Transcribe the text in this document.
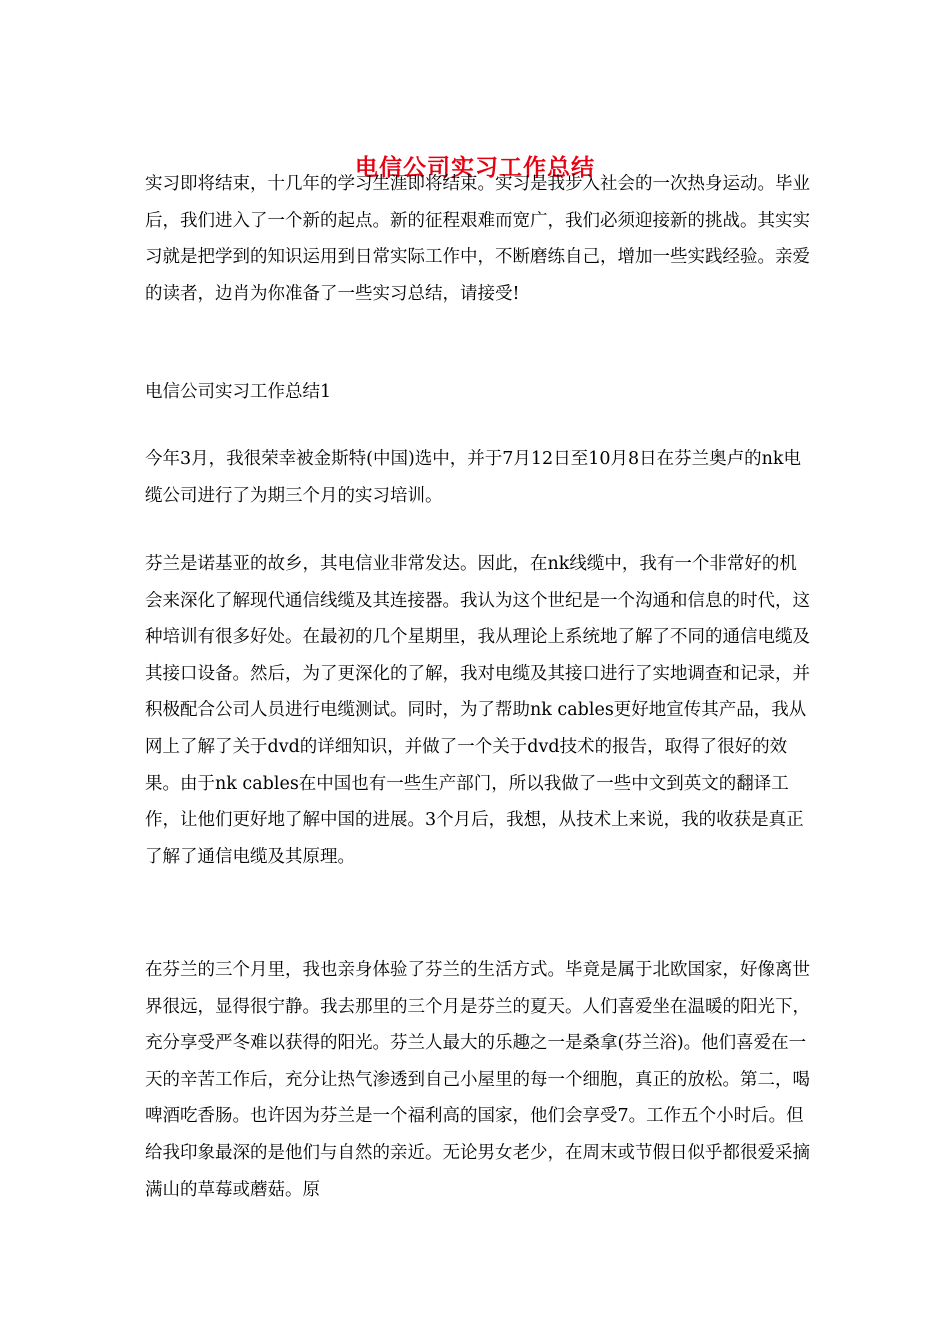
电信公司实习工作总结

实习即将结束，十几年的学习生涯即将结束。实习是我步入社会的一次热身运动。毕业后，我们进入了一个新的起点。新的征程艰难而宽广，我们必须迎接新的挑战。其实实习就是把学到的知识运用到日常实际工作中，不断磨练自己，增加一些实践经验。亲爱的读者，边肖为你准备了一些实习总结，请接受!

电信公司实习工作总结1

今年3月，我很荣幸被金斯特(中国)选中，并于7月12日至10月8日在芬兰奥卢的nk电缆公司进行了为期三个月的实习培训。

芬兰是诺基亚的故乡，其电信业非常发达。因此，在nk线缆中，我有一个非常好的机会来深化了解现代通信线缆及其连接器。我认为这个世纪是一个沟通和信息的时代，这种培训有很多好处。在最初的几个星期里，我从理论上系统地了解了不同的通信电缆及其接口设备。然后，为了更深化的了解，我对电缆及其接口进行了实地调查和记录，并积极配合公司人员进行电缆测试。同时，为了帮助nk cables更好地宣传其产品，我从网上了解了关于dvd的详细知识，并做了一个关于dvd技术的报告，取得了很好的效果。由于nk cables在中国也有一些生产部门，所以我做了一些中文到英文的翻译工作，让他们更好地了解中国的进展。3个月后，我想，从技术上来说，我的收获是真正了解了通信电缆及其原理。

在芬兰的三个月里，我也亲身体验了芬兰的生活方式。毕竟是属于北欧国家，好像离世界很远，显得很宁静。我去那里的三个月是芬兰的夏天。人们喜爱坐在温暖的阳光下，充分享受严冬难以获得的阳光。芬兰人最大的乐趣之一是桑拿(芬兰浴)。他们喜爱在一天的辛苦工作后，充分让热气渗透到自己小屋里的每一个细胞，真正的放松。第二，喝啤酒吃香肠。也许因为芬兰是一个福利高的国家，他们会享受7。工作五个小时后。但给我印象最深的是他们与自然的亲近。无论男女老少，在周末或节假日似乎都很爱采摘满山的草莓或蘑菇。原
